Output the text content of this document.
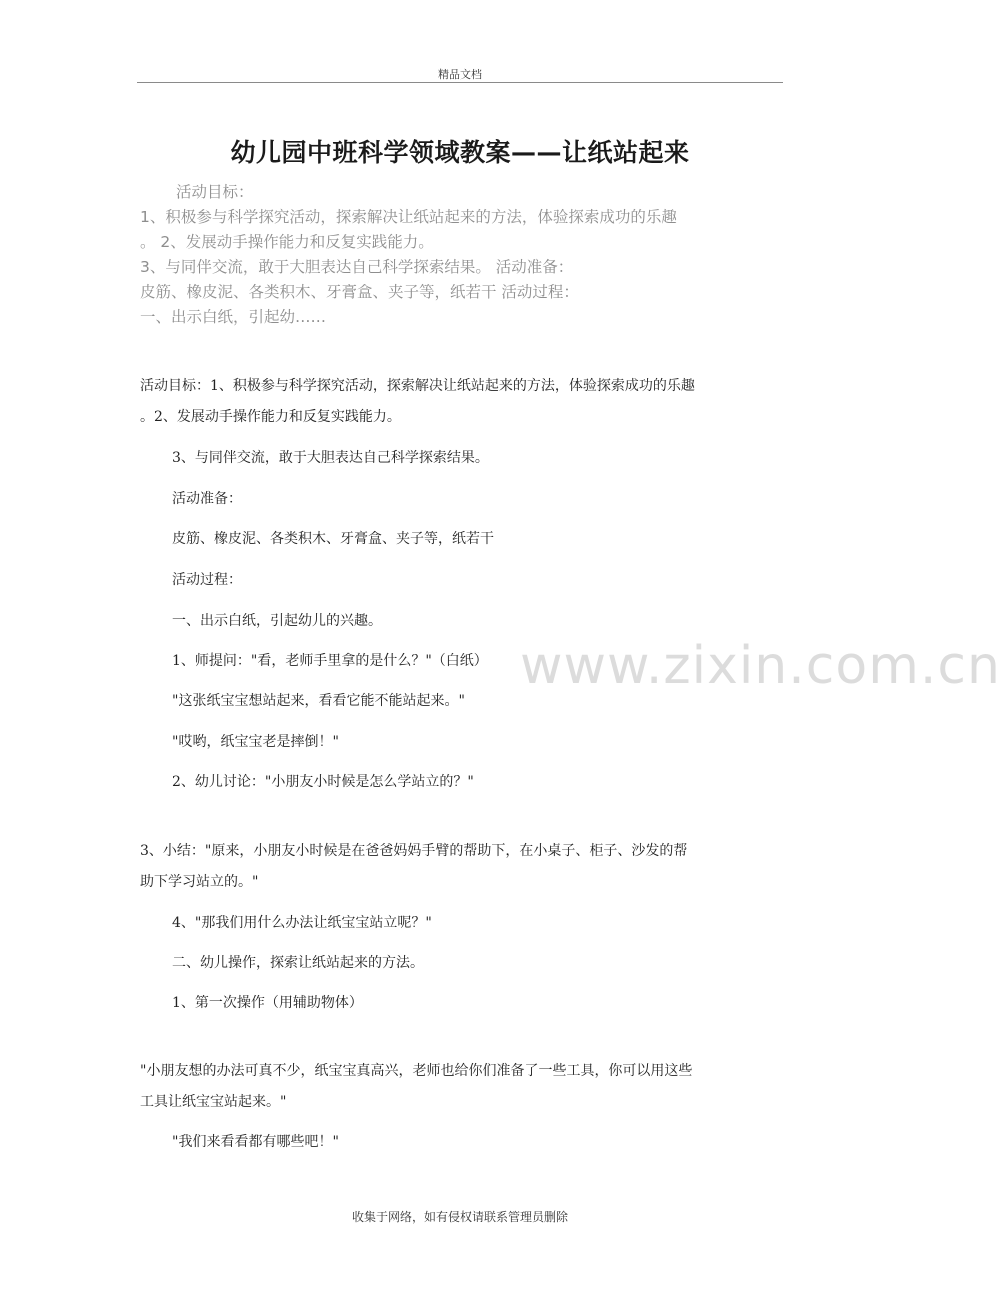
精品文档
幼儿园中班科学领域教案——让纸站起来
活动目标：
1、积极参与科学探究活动，探索解决让纸站起来的方法，体验探索成功的乐趣
。 2、发展动手操作能力和反复实践能力。
3、与同伴交流，敢于大胆表达自己科学探索结果。 活动准备：
皮筋、橡皮泥、各类积木、牙膏盒、夹子等，纸若干 活动过程：
一、出示白纸，引起幼……
www.zixin.com.cn
活动目标：1、积极参与科学探究活动，探索解决让纸站起来的方法，体验探索成功的乐趣
。2、发展动手操作能力和反复实践能力。
3、与同伴交流，敢于大胆表达自己科学探索结果。
活动准备：
皮筋、橡皮泥、各类积木、牙膏盒、夹子等，纸若干
活动过程：
一、出示白纸，引起幼儿的兴趣。
1、师提问："看，老师手里拿的是什么？"（白纸）
"这张纸宝宝想站起来，看看它能不能站起来。"
"哎哟，纸宝宝老是摔倒！"
2、幼儿讨论："小朋友小时候是怎么学站立的？"
3、小结："原来，小朋友小时候是在爸爸妈妈手臂的帮助下，在小桌子、柜子、沙发的帮
助下学习站立的。"
4、"那我们用什么办法让纸宝宝站立呢？"
二、幼儿操作，探索让纸站起来的方法。
1、第一次操作（用辅助物体）
"小朋友想的办法可真不少，纸宝宝真高兴，老师也给你们准备了一些工具，你可以用这些
工具让纸宝宝站起来。"
"我们来看看都有哪些吧！"
收集于网络，如有侵权请联系管理员删除
